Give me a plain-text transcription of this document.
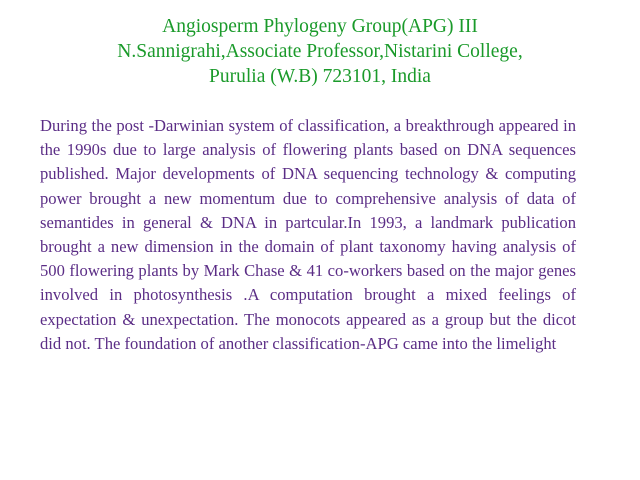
Angiosperm Phylogeny Group(APG) III
N.Sannigrahi,Associate Professor,Nistarini College,
Purulia (W.B) 723101, India

During the post -Darwinian system of classification, a breakthrough appeared in the 1990s due to large analysis of flowering plants based on DNA sequences published. Major developments of DNA sequencing technology & computing power brought a new momentum due to comprehensive analysis of data of semantides in general & DNA in partcular.In 1993, a landmark publication brought a new dimension in the domain of plant taxonomy having analysis of 500 flowering plants by Mark Chase & 41 co-workers based on the major genes involved in photosynthesis .A computation brought a mixed feelings of expectation & unexpectation. The monocots appeared as a group but the dicot did not. The foundation of another classification-APG came into the limelight
